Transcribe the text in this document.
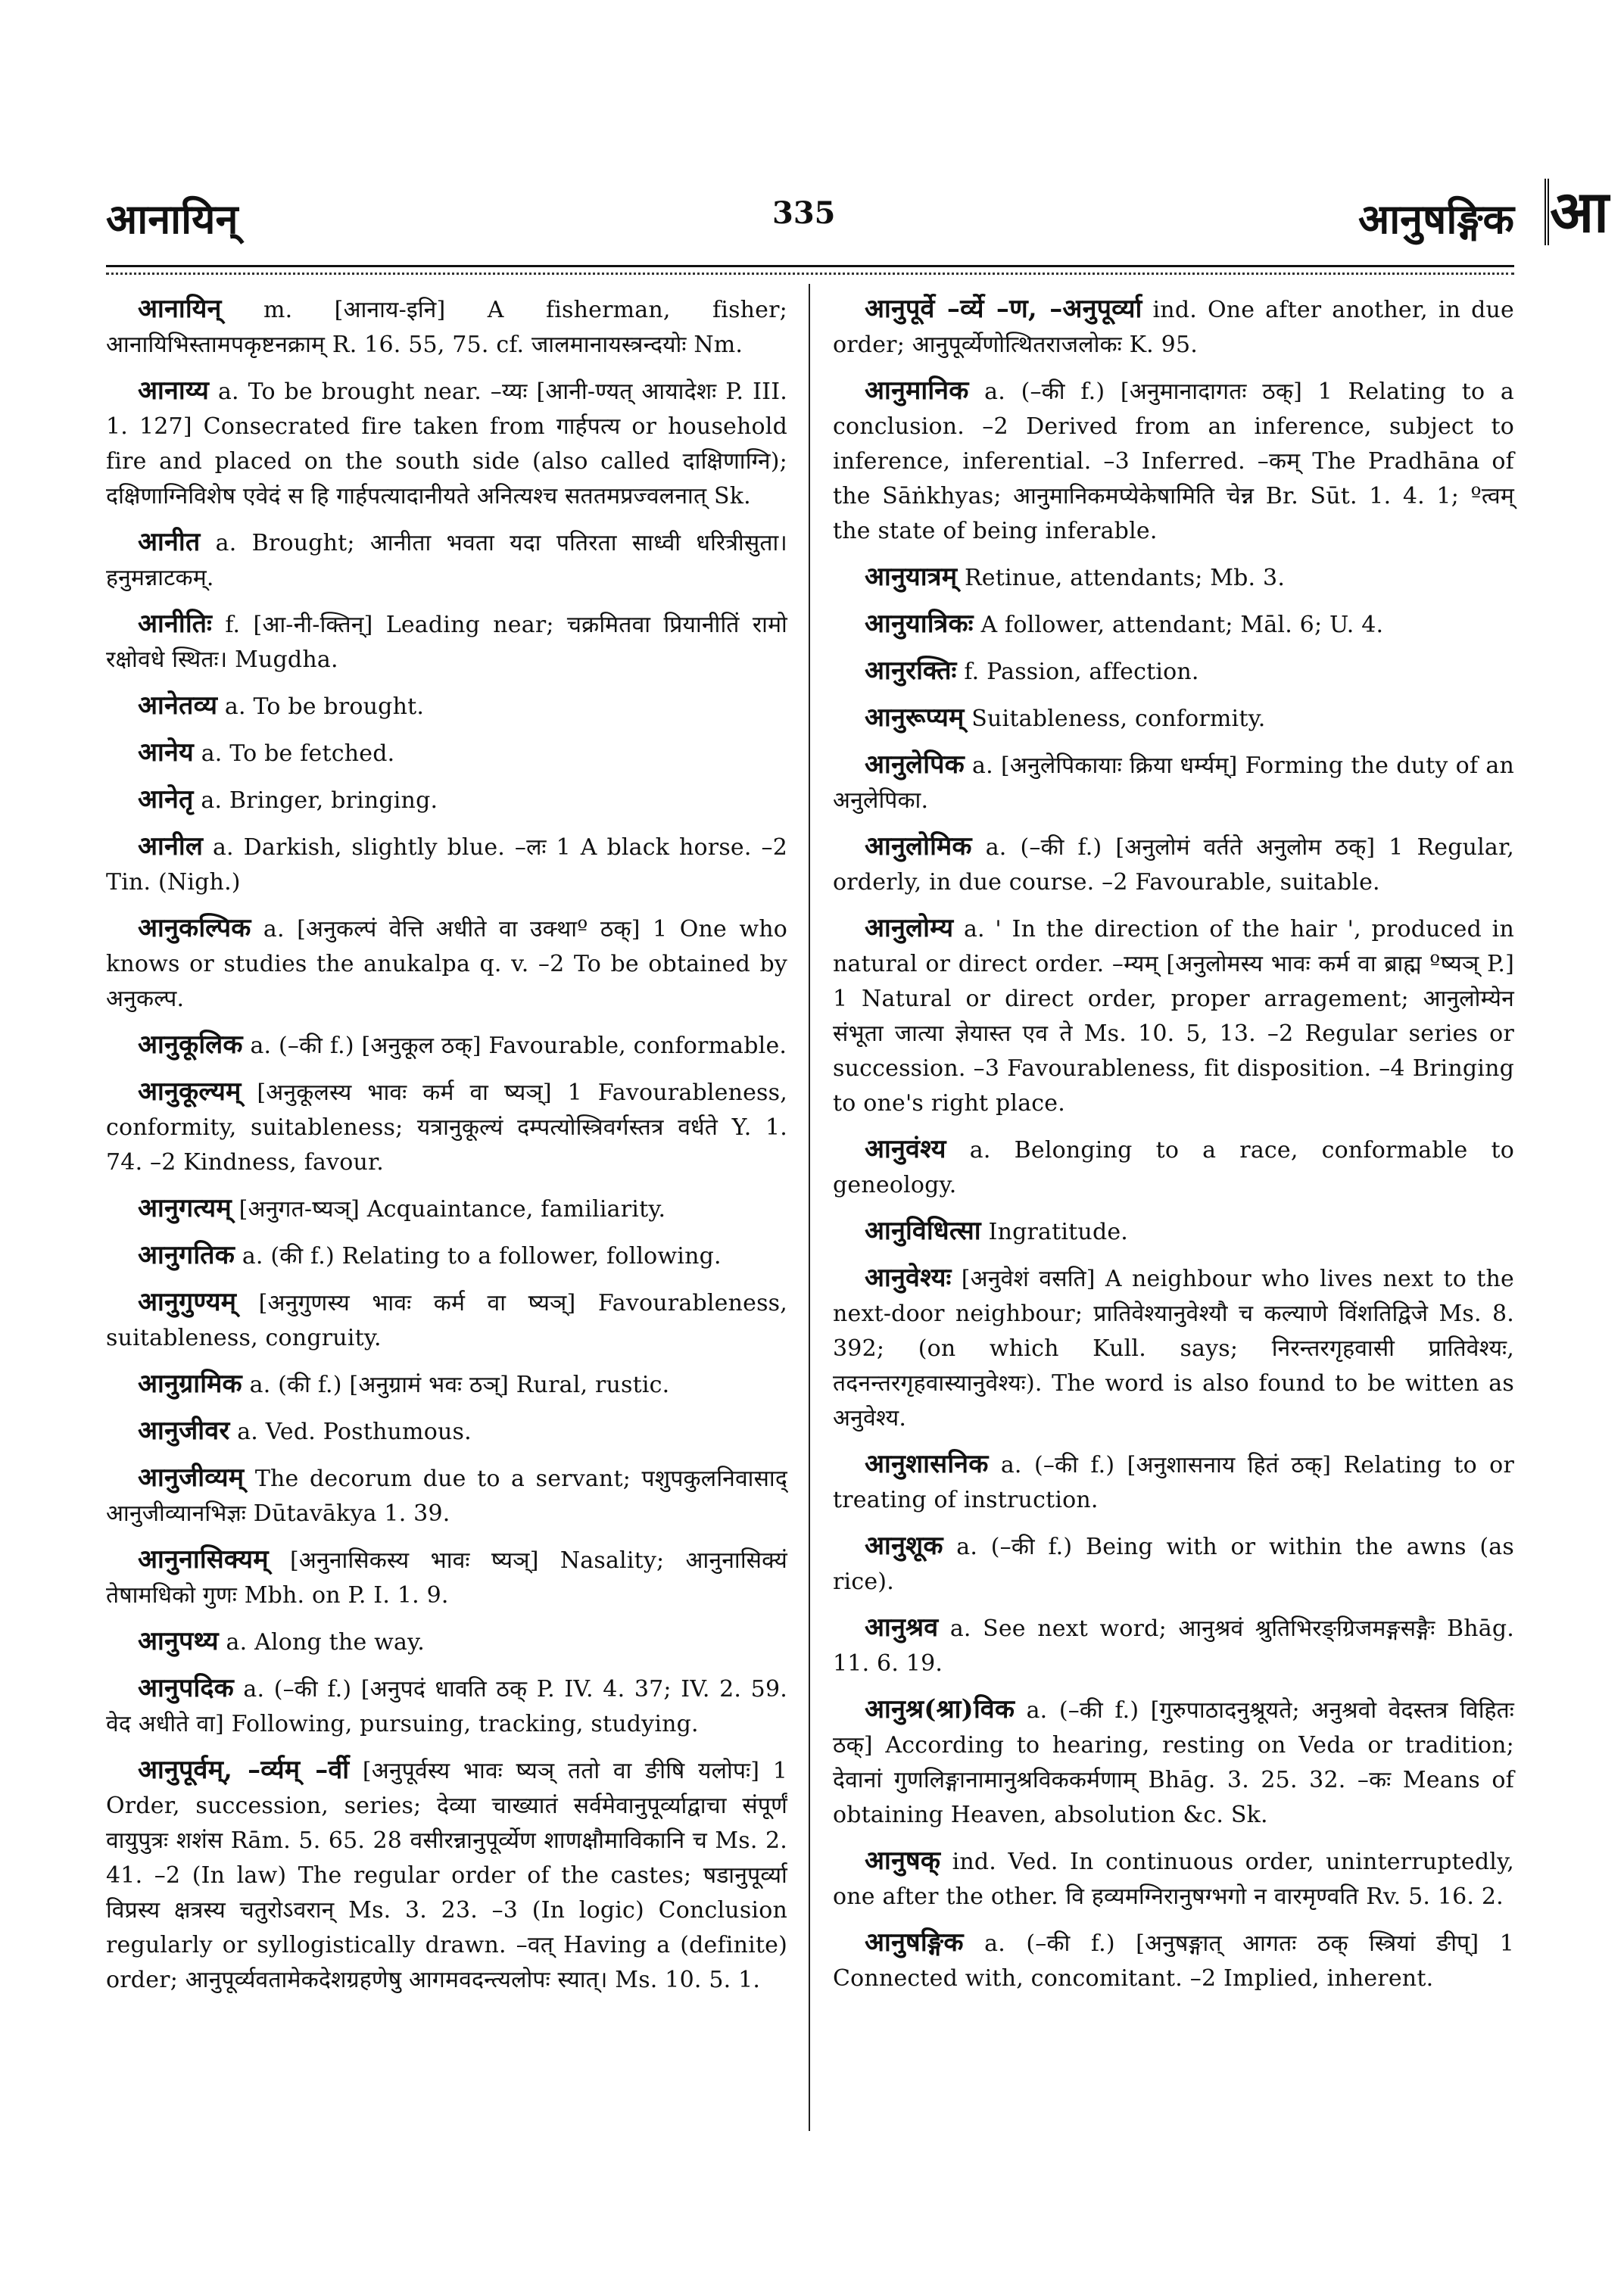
आनायिन्	335	आनुषङ्गिक आ

आनायिन् m. [आनाय-इनि] A fisherman, fisher; आनायिभिस्तामपकृष्टनक्राम् R. 16. 55, 75. cf. जालमानायस्त्रन्दयोः Nm.

आनाय्य a. To be brought near. –य्यः [आनी-ण्यत् आयादेशः P. III. 1. 127] Consecrated fire taken from गार्हपत्य or household fire and placed on the south side (also called दाक्षिणाग्नि); दक्षिणाग्निविशेष एवेदं स हि गार्हपत्यादानीयते अनित्यश्च सततमप्रज्वलनात् Sk.

आनीत a. Brought; आनीता भवता यदा पतिरता साध्वी धरित्रीसुता। हनुमन्नाटकम्.

आनीतिः f. [आ-नी-क्तिन्] Leading near; चक्रमितवा प्रियानीतिं रामो रक्षोवधे स्थितः। Mugdha.

आनेतव्य a. To be brought.

आनेय a. To be fetched.

आनेतृ a. Bringer, bringing.

आनील a. Darkish, slightly blue. –लः 1 A black horse. –2 Tin. (Nigh.)

आनुकल्पिक a. [अनुकल्पं वेत्ति अधीते वा उक्थाº ठक्] 1 One who knows or studies the anukalpa q. v. –2 To be obtained by अनुकल्प.

आनुकूलिक a. (–की f.) [अनुकूल ठक्] Favourable, conformable.

आनुकूल्यम् [अनुकूलस्य भावः कर्म वा ष्यञ्] 1 Favourableness, conformity, suitableness; यत्रानुकूल्यं दम्पत्योस्त्रिवर्गस्तत्र वर्धते Y. 1. 74. –2 Kindness, favour.

आनुगत्यम् [अनुगत-ष्यञ्] Acquaintance, familiarity.

आनुगतिक a. (की f.) Relating to a follower, following.

आनुगुण्यम् [अनुगुणस्य भावः कर्म वा ष्यञ्] Favourableness, suitableness, congruity.

आनुग्रामिक a. (की f.) [अनुग्रामं भवः ठञ्] Rural, rustic.

आनुजीवर a. Ved. Posthumous.

आनुजीव्यम् The decorum due to a servant; पशुपकुलनिवासाद् आनुजीव्यानभिज्ञः Dūtavākya 1. 39.

आनुनासिक्यम् [अनुनासिकस्य भावः ष्यञ्] Nasality; आनुनासिक्यं तेषामधिको गुणः Mbh. on P. I. 1. 9.

आनुपथ्य a. Along the way.

आनुपदिक a. (–की f.) [अनुपदं धावति ठक् P. IV. 4. 37; IV. 2. 59. वेद अधीते वा] Following, pursuing, tracking, studying.

आनुपूर्वम्, –र्व्यम् –र्वी [अनुपूर्वस्य भावः ष्यञ् ततो वा ङीषि यलोपः] 1 Order, succession, series; देव्या चाख्यातं सर्वमेवानुपूर्व्याद्वाचा संपूर्णं वायुपुत्रः शशंस Rām. 5. 65. 28 वसीरन्नानुपूर्व्येण शाणक्षौमाविकानि च Ms. 2. 41. –2 (In law) The regular order of the castes; षडानुपूर्व्या विप्रस्य क्षत्रस्य चतुरोऽवरान् Ms. 3. 23. –3 (In logic) Conclusion regularly or syllogistically drawn. –वत् Having a (definite) order; आनुपूर्व्यवतामेकदेशग्रहणेषु आगमवदन्त्यलोपः स्यात्। Ms. 10. 5. 1.

आनुपूर्वे –र्व्ये –ण, –अनुपूर्व्या ind. One after another, in due order; आनुपूर्व्येणोत्थितराजलोकः K. 95.

आनुमानिक a. (–की f.) [अनुमानादागतः ठक्] 1 Relating to a conclusion. –2 Derived from an inference, subject to inference, inferential. –3 Inferred. –कम् The Pradhāna of the Sāṅkhyas; आनुमानिकमप्येकेषामिति चेन्न Br. Sūt. 1. 4. 1; ºत्वम् the state of being inferable.

आनुयात्रम् Retinue, attendants; Mb. 3.

आनुयात्रिकः A follower, attendant; Māl. 6; U. 4.

आनुरक्तिः f. Passion, affection.

आनुरूप्यम् Suitableness, conformity.

आनुलेपिक a. [अनुलेपिकायाः क्रिया धर्म्यम्] Forming the duty of an अनुलेपिका.

आनुलोमिक a. (–की f.) [अनुलोमं वर्तते अनुलोम ठक्] 1 Regular, orderly, in due course. –2 Favourable, suitable.

आनुलोम्य a. ' In the direction of the hair ', produced in natural or direct order. –म्यम् [अनुलोमस्य भावः कर्म वा ब्राह्म ºष्यञ् P.] 1 Natural or direct order, proper arragement; आनुलोम्येन संभूता जात्या ज्ञेयास्त एव ते Ms. 10. 5, 13. –2 Regular series or succession. –3 Favourableness, fit disposition. –4 Bringing to one's right place.

आनुवंश्य a. Belonging to a race, conformable to geneology.

आनुविधित्सा Ingratitude.

आनुवेश्यः [अनुवेशं वसति] A neighbour who lives next to the next-door neighbour; प्रातिवेश्यानुवेश्यौ च कल्याणे विंशतिद्विजे Ms. 8. 392; (on which Kull. says; निरन्तरगृहवासी प्रातिवेश्यः, तदनन्तरगृहवास्यानुवेश्यः). The word is also found to be witten as अनुवेश्य.

आनुशासनिक a. (–की f.) [अनुशासनाय हितं ठक्] Relating to or treating of instruction.

आनुशूक a. (–की f.) Being with or within the awns (as rice).

आनुश्रव a. See next word; आनुश्रवं श्रुतिभिरङ्ग्रिजमङ्गसङ्गैः Bhāg. 11. 6. 19.

आनुश्र(श्रा)विक a. (–की f.) [गुरुपाठादनुश्रूयते; अनुश्रवो वेदस्तत्र विहितः ठक्] According to hearing, resting on Veda or tradition; देवानां गुणलिङ्गानामानुश्रविककर्मणाम् Bhāg. 3. 25. 32. –कः Means of obtaining Heaven, absolution &c. Sk.

आनुषक् ind. Ved. In continuous order, uninterruptedly, one after the other. वि हव्यमग्निरानुषग्भगो न वारमृण्वति Rv. 5. 16. 2.

आनुषङ्गिक a. (–की f.) [अनुषङ्गात् आगतः ठक् स्त्रियां ङीप्] 1 Connected with, concomitant. –2 Implied, inherent.
